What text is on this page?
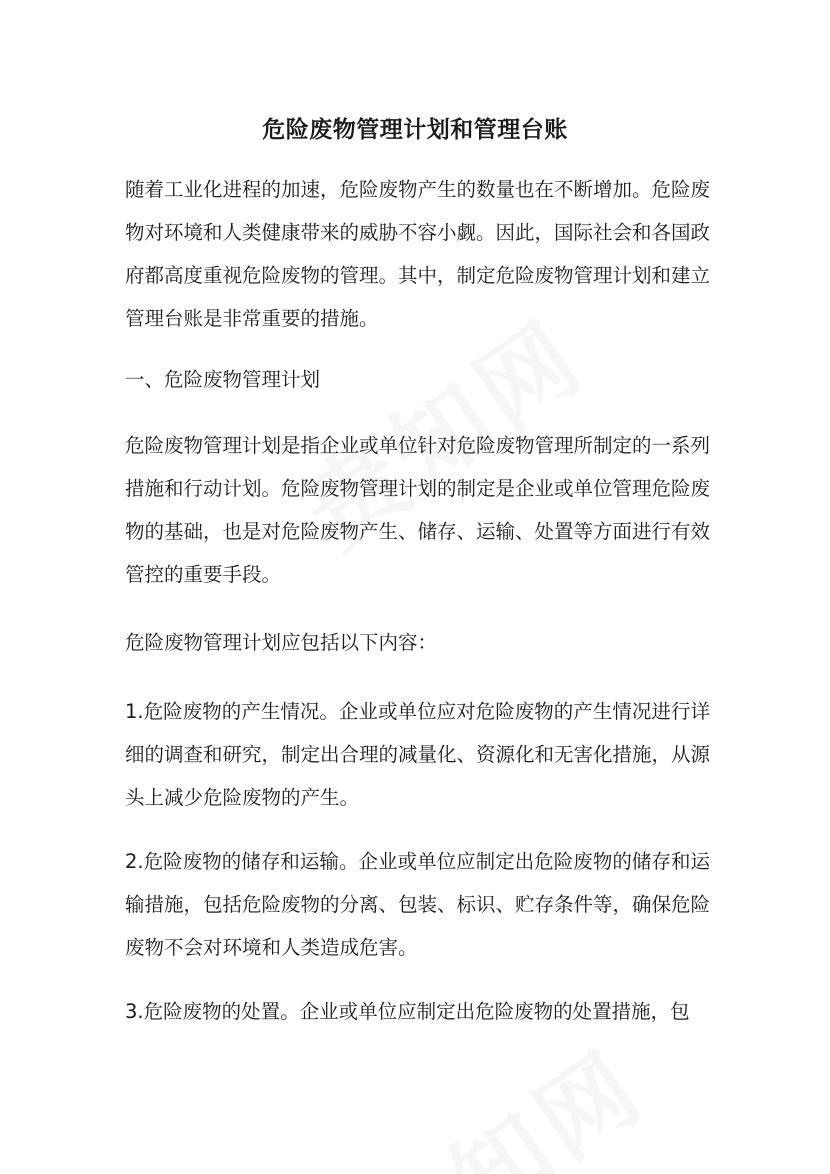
危险废物管理计划和管理台账

随着工业化进程的加速，危险废物产生的数量也在不断增加。危险废物对环境和人类健康带来的威胁不容小觑。因此，国际社会和各国政府都高度重视危险废物的管理。其中，制定危险废物管理计划和建立管理台账是非常重要的措施。

一、危险废物管理计划

危险废物管理计划是指企业或单位针对危险废物管理所制定的一系列措施和行动计划。危险废物管理计划的制定是企业或单位管理危险废物的基础，也是对危险废物产生、储存、运输、处置等方面进行有效管控的重要手段。

危险废物管理计划应包括以下内容：

1.危险废物的产生情况。企业或单位应对危险废物的产生情况进行详细的调查和研究，制定出合理的减量化、资源化和无害化措施，从源头上减少危险废物的产生。

2.危险废物的储存和运输。企业或单位应制定出危险废物的储存和运输措施，包括危险废物的分离、包装、标识、贮存条件等，确保危险废物不会对环境和人类造成危害。

3.危险废物的处置。企业或单位应制定出危险废物的处置措施，包
